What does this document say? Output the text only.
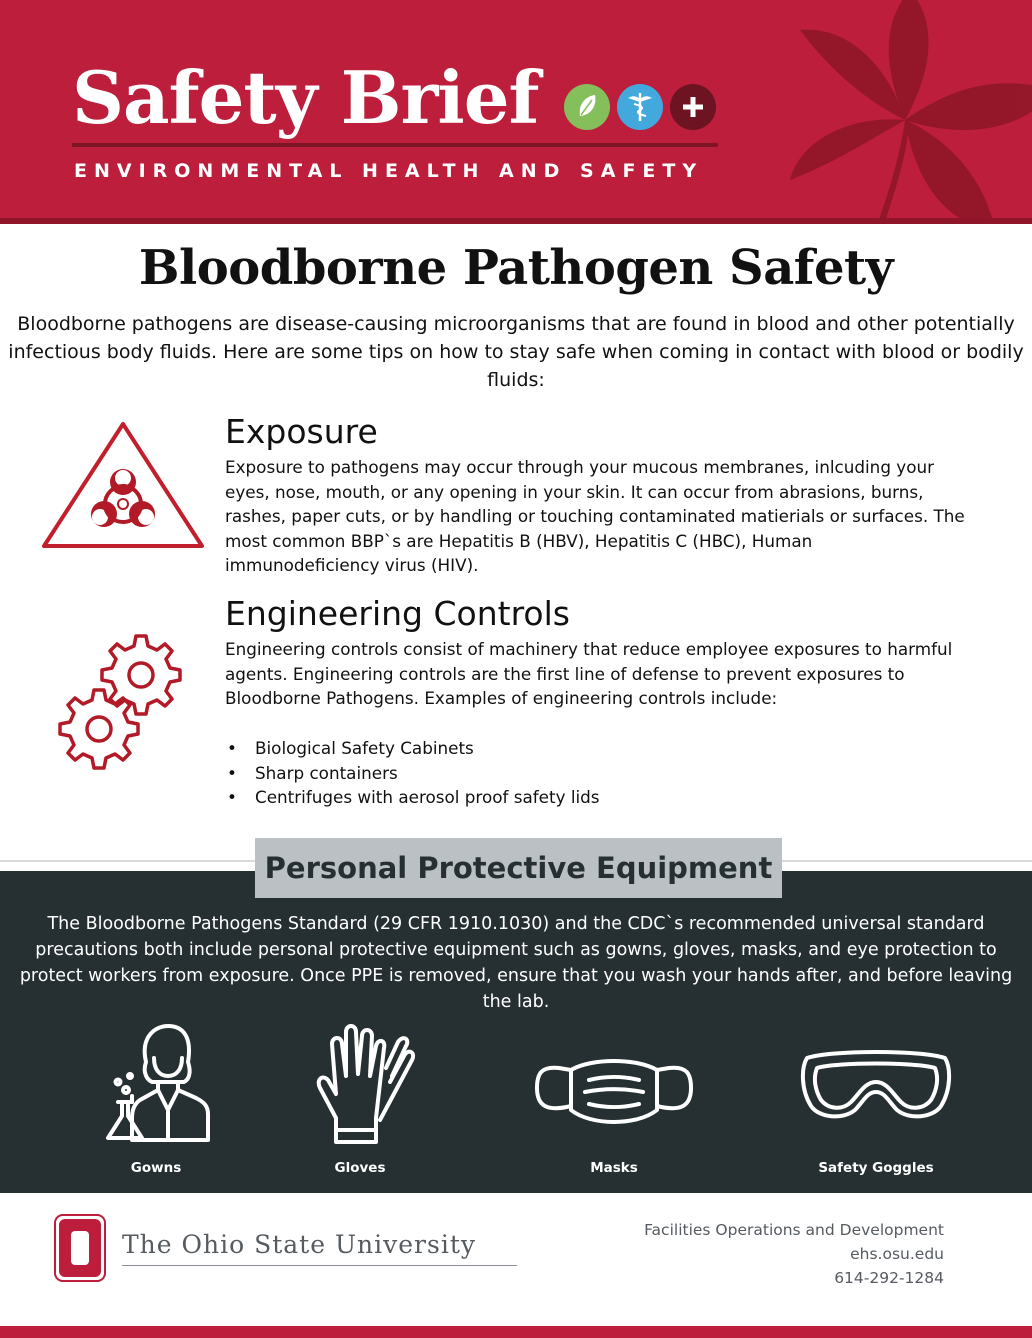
Safety Brief
ENVIRONMENTAL HEALTH AND SAFETY
Bloodborne Pathogen Safety

Bloodborne pathogens are disease-causing microorganisms that are found in blood and other potentially infectious body fluids. Here are some tips on how to stay safe when coming in contact with blood or bodily fluids:

Exposure

Exposure to pathogens may occur through your mucous membranes, inlcuding your eyes, nose, mouth, or any opening in your skin. It can occur from abrasions, burns, rashes, paper cuts, or by handling or touching contaminated matierials or surfaces. The most common BBP`s are Hepatitis B (HBV), Hepatitis C (HBC), Human immunodeficiency virus (HIV).

Engineering Controls

Engineering controls consist of machinery that reduce employee exposures to harmful agents. Engineering controls are the first line of defense to prevent exposures to Bloodborne Pathogens. Examples of engineering controls include:

• Biological Safety Cabinets
• Sharp containers
• Centrifuges with aerosol proof safety lids
Personal Protective Equipment

The Bloodborne Pathogens Standard (29 CFR 1910.1030) and the CDC`s recommended universal standard precautions both include personal protective equipment such as gowns, gloves, masks, and eye protection to protect workers from exposure. Once PPE is removed, ensure that you wash your hands after, and before leaving the lab.

Gowns	Gloves	Masks	Safety Goggles
The Ohio State University	Facilities Operations and Development
ehs.osu.edu
614-292-1284
